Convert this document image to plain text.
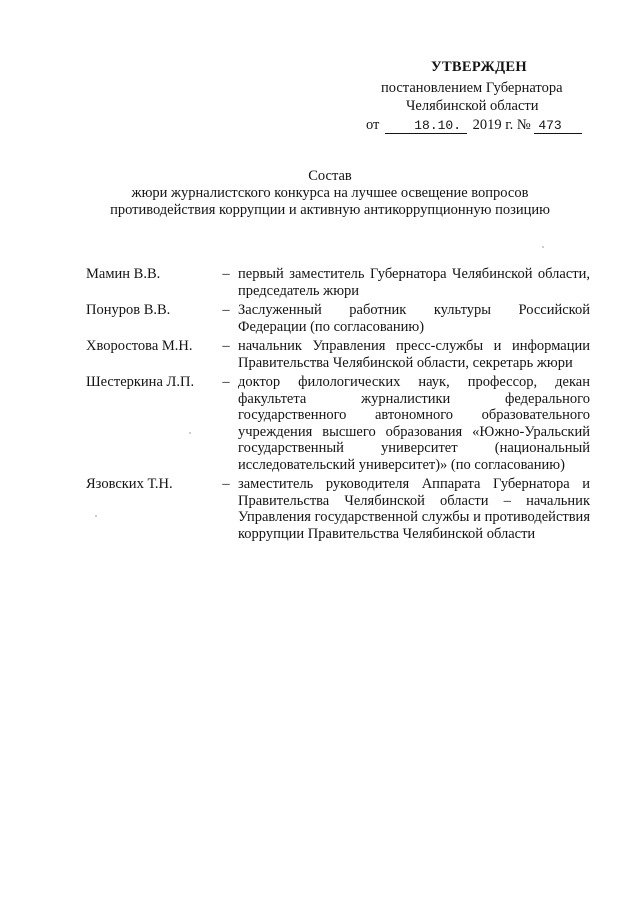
УТВЕРЖДЕН
постановлением Губернатора
Челябинской области
от	18.10. 2019 г. № 473
Состав
жюри журналистского конкурса на лучшее освещение вопросов
противодействия коррупции и активную антикоррупционную позицию
Мамин В.В.	– первый заместитель Губернатора Челябинской области, председатель жюри
Понуров В.В.	– Заслуженный работник культуры Российской Федерации (по согласованию)
Хворостова М.Н.	– начальник Управления пресс-службы и информации Правительства Челябинской области, секретарь жюри
Шестеркина Л.П.	– доктор филологических наук, профессор, декан факультета журналистики федерального государственного автономного образовательного учреждения высшего образования «Южно-Уральский государственный университет (национальный исследовательский университет)» (по согласованию)
Язовских Т.Н.	– заместитель руководителя Аппарата Губернатора и Правительства Челябинской области – начальник Управления государственной службы и противодействия коррупции Правительства Челябинской области
